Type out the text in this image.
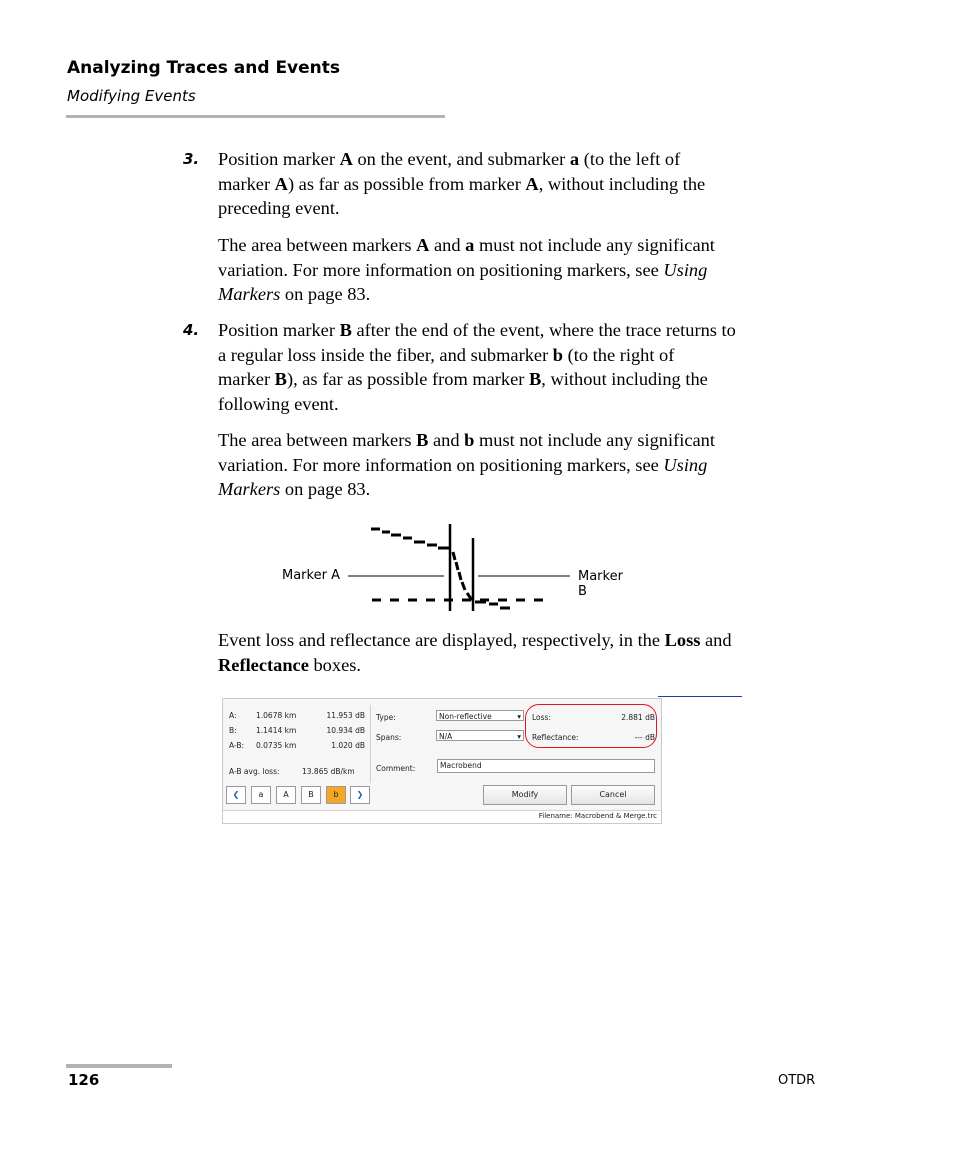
Analyzing Traces and Events
Modifying Events
3. Position marker A on the event, and submarker a (to the left of
marker A) as far as possible from marker A, without including the
preceding event.
The area between markers A and a must not include any significant
variation. For more information on positioning markers, see Using
Markers on page 83.
4. Position marker B after the end of the event, where the trace returns to
a regular loss inside the fiber, and submarker b (to the right of
marker B), as far as possible from marker B, without including the
following event.
The area between markers B and b must not include any significant
variation. For more information on positioning markers, see Using
Markers on page 83.
Marker A	Marker B
Event loss and reflectance are displayed, respectively, in the Loss and
Reflectance boxes.
A:	1.0678 km	11.953 dB
B:	1.1414 km	10.934 dB
A-B: 0.0735 km	1.020 dB
A-B avg. loss:	13.865 dB/km
Type:	Non-reflective	▾
Spans:	N/A	▾
Loss:	2.881 dB
Reflectance:	--- dB
Comment:	Macrobend
❮	a	A	B	b	❯	Modify	Cancel
Filename: Macrobend & Merge.trc
126	OTDR
